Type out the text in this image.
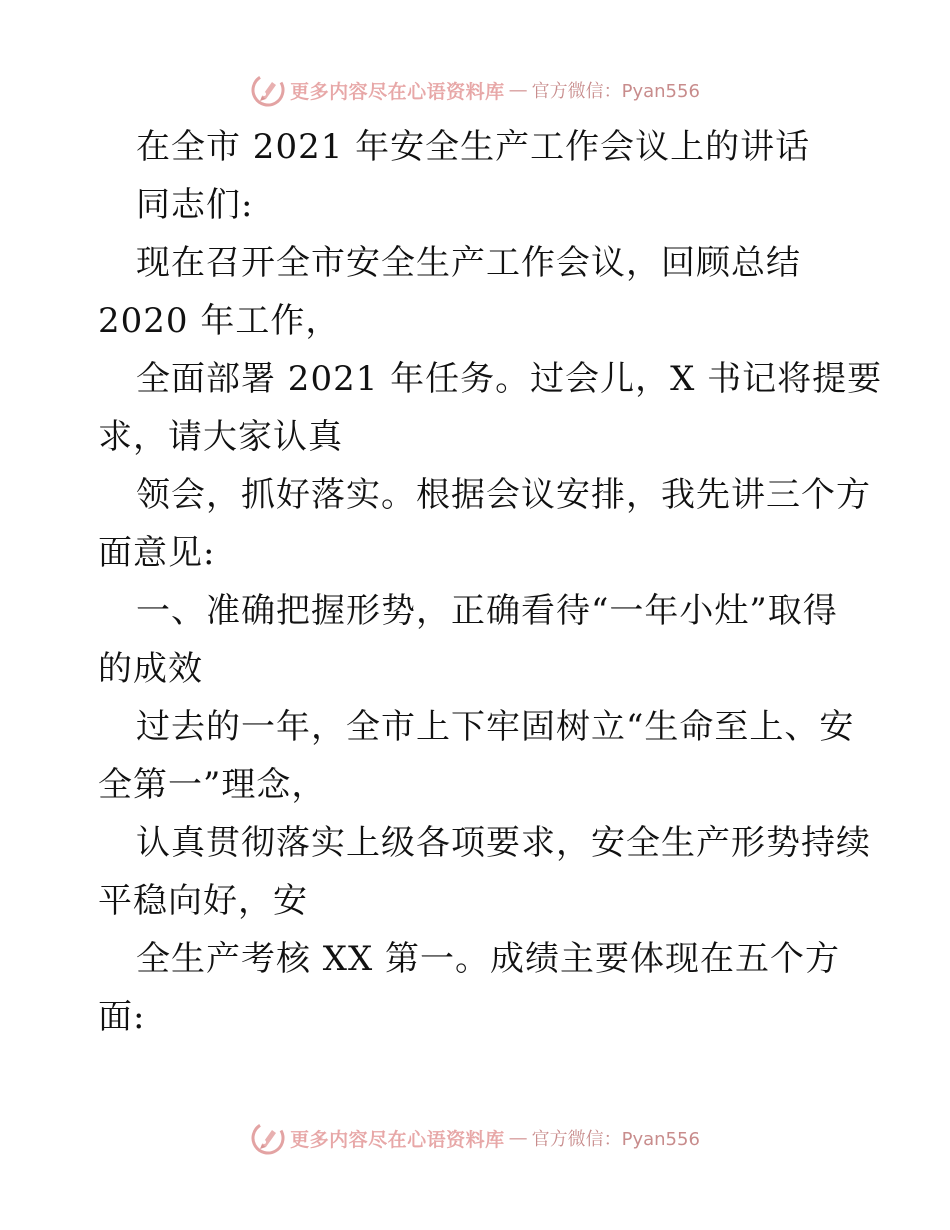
更多内容尽在心语资料库 — 官方微信：Pyan556
在全市 2021 年安全生产工作会议上的讲话
同志们:
现在召开全市安全生产工作会议，回顾总结
2020 年工作，
全面部署 2021 年任务。过会儿，X 书记将提要
求，请大家认真
领会，抓好落实。根据会议安排，我先讲三个方
面意见:
一、准确把握形势，正确看待“一年小灶”取得
的成效
过去的一年，全市上下牢固树立“生命至上、安
全第一”理念，
认真贯彻落实上级各项要求，安全生产形势持续
平稳向好，安
全生产考核 XX 第一。成绩主要体现在五个方
面:
更多内容尽在心语资料库 — 官方微信：Pyan556
